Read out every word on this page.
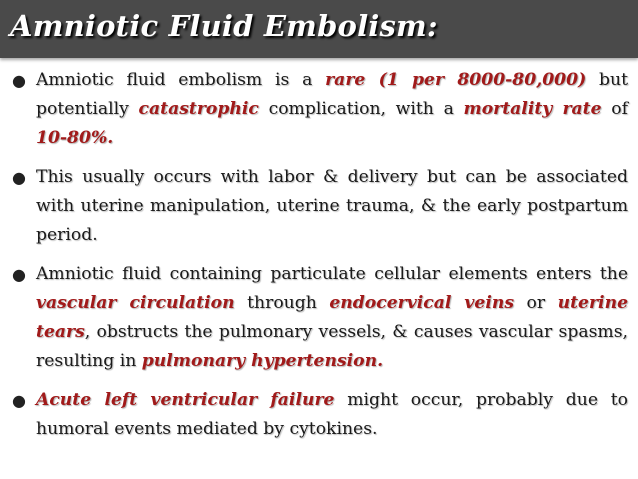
Amniotic Fluid Embolism:
● Amniotic fluid embolism is a rare (1 per 8000-80,000) but potentially catastrophic complication, with a mortality rate of 10-80%.
● This usually occurs with labor & delivery but can be associated with uterine manipulation, uterine trauma, & the early postpartum period.
● Amniotic fluid containing particulate cellular elements enters the vascular circulation through endocervical veins or uterine tears, obstructs the pulmonary vessels, & causes vascular spasms, resulting in pulmonary hypertension.
● Acute left ventricular failure might occur, probably due to humoral events mediated by cytokines.
